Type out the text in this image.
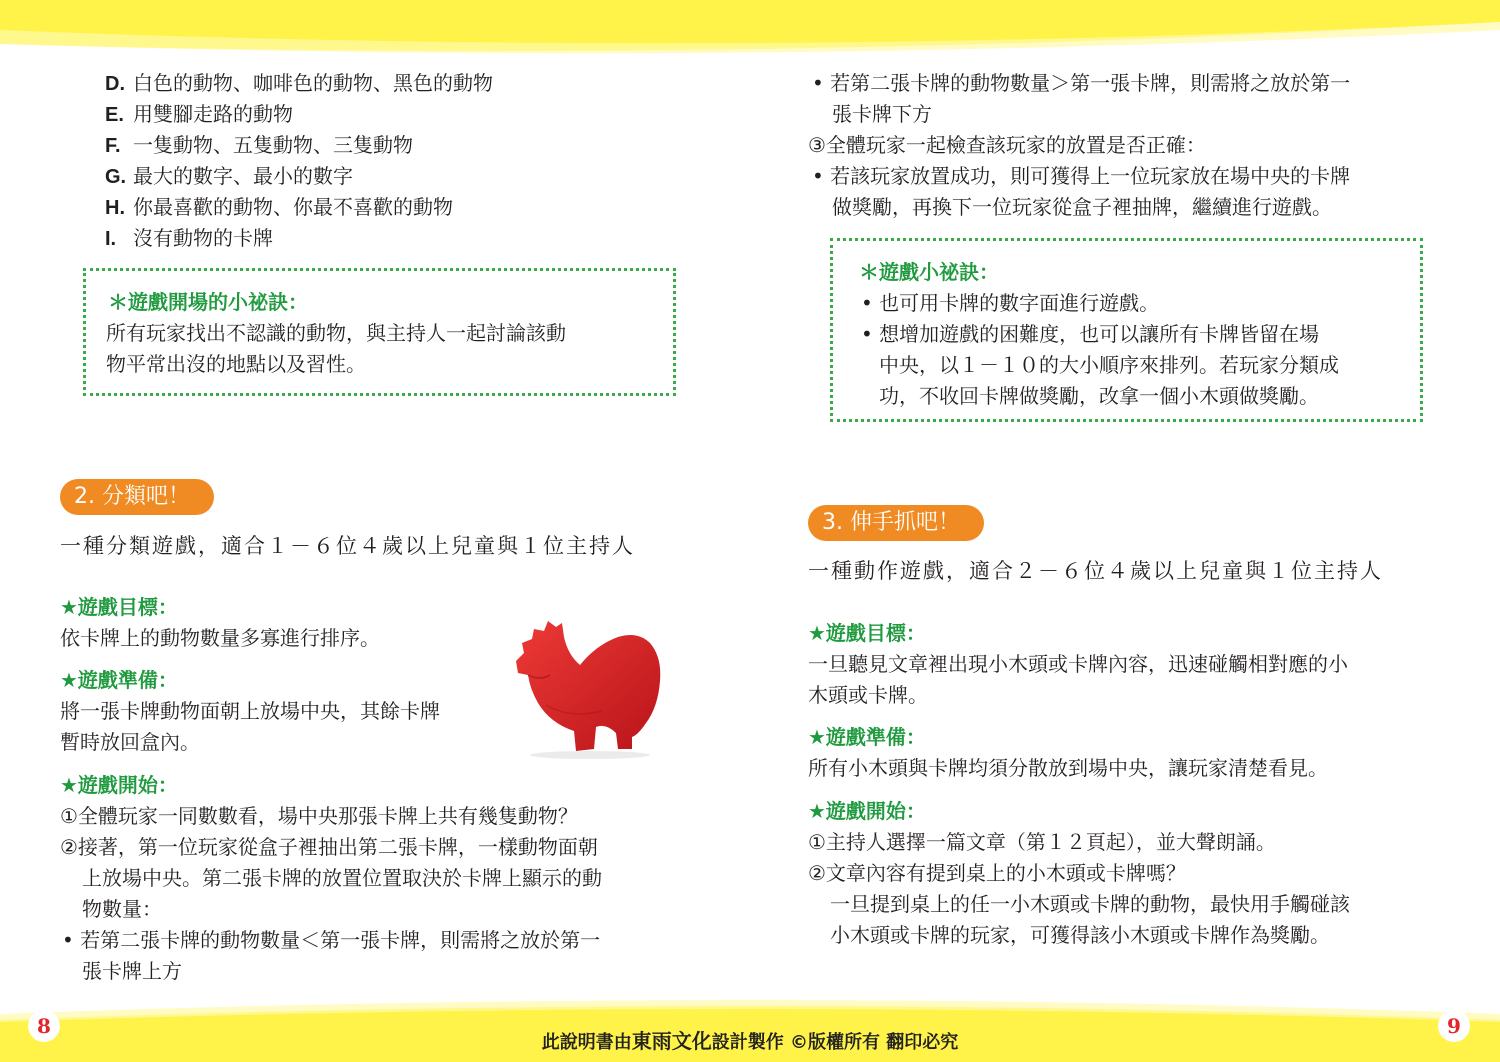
D. 白色的動物、咖啡色的動物、黑色的動物
E. 用雙腳走路的動物
F. 一隻動物、五隻動物、三隻動物
G. 最大的數字、最小的數字
H. 你最喜歡的動物、你最不喜歡的動物
I. 沒有動物的卡牌
＊遊戲開場的小祕訣：
所有玩家找出不認識的動物，與主持人一起討論該動
物平常出沒的地點以及習性。
2. 分類吧！
一種分類遊戲，適合１－６位４歲以上兒童與１位主持人
★遊戲目標：
依卡牌上的動物數量多寡進行排序。
★遊戲準備：
將一張卡牌動物面朝上放場中央，其餘卡牌
暫時放回盒內。
★遊戲開始：
①全體玩家一同數數看，場中央那張卡牌上共有幾隻動物？
②接著，第一位玩家從盒子裡抽出第二張卡牌，一樣動物面朝
上放場中央。第二張卡牌的放置位置取決於卡牌上顯示的動
物數量：
• 若第二張卡牌的動物數量＜第一張卡牌，則需將之放於第一
張卡牌上方
• 若第二張卡牌的動物數量＞第一張卡牌，則需將之放於第一
張卡牌下方
③全體玩家一起檢查該玩家的放置是否正確：
• 若該玩家放置成功，則可獲得上一位玩家放在場中央的卡牌
做獎勵，再換下一位玩家從盒子裡抽牌，繼續進行遊戲。
＊遊戲小祕訣：
• 也可用卡牌的數字面進行遊戲。
• 想增加遊戲的困難度，也可以讓所有卡牌皆留在場
中央，以１－１０的大小順序來排列。若玩家分類成
功，不收回卡牌做獎勵，改拿一個小木頭做獎勵。
3. 伸手抓吧！
一種動作遊戲，適合２－６位４歲以上兒童與１位主持人
★遊戲目標：
一旦聽見文章裡出現小木頭或卡牌內容，迅速碰觸相對應的小
木頭或卡牌。
★遊戲準備：
所有小木頭與卡牌均須分散放到場中央，讓玩家清楚看見。
★遊戲開始：
①主持人選擇一篇文章（第１２頁起），並大聲朗誦。
②文章內容有提到桌上的小木頭或卡牌嗎？
一旦提到桌上的任一小木頭或卡牌的動物，最快用手觸碰該
小木頭或卡牌的玩家，可獲得該小木頭或卡牌作為獎勵。
8	9
此說明書由東雨文化設計製作 ©版權所有 翻印必究
